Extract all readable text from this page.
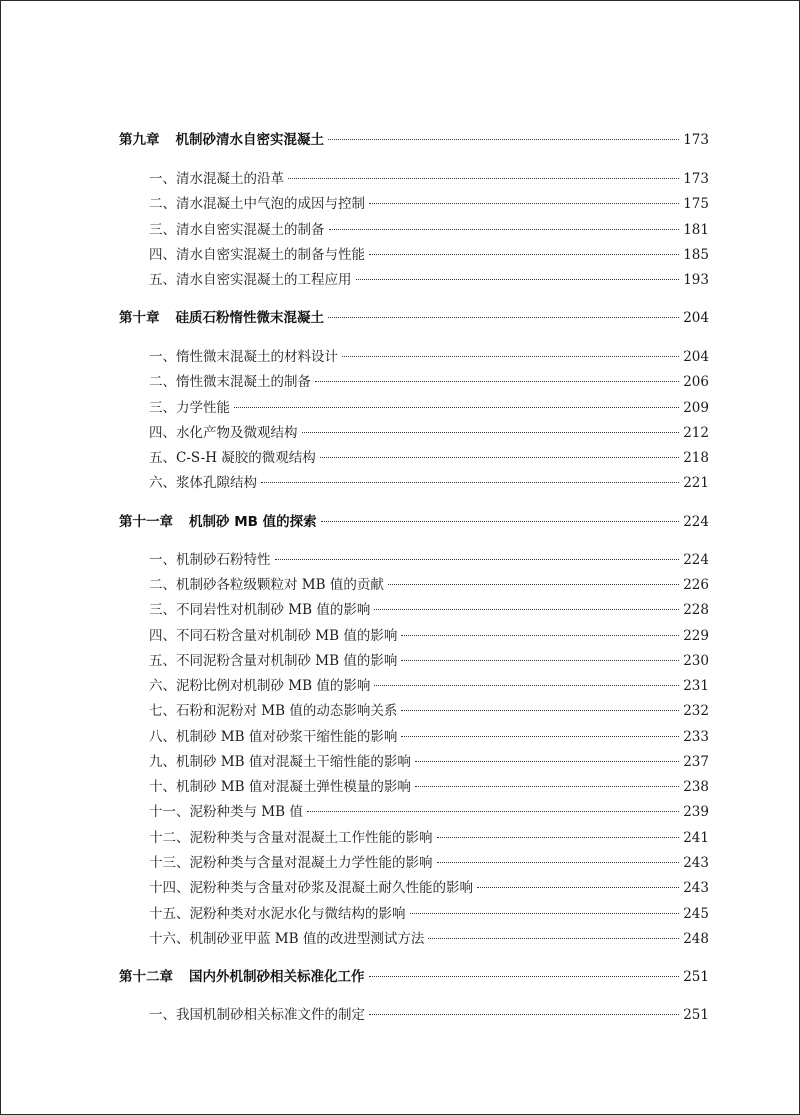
第九章 机制砂清水自密实混凝土	173
一、清水混凝土的沿革	173
二、清水混凝土中气泡的成因与控制	175
三、清水自密实混凝土的制备	181
四、清水自密实混凝土的制备与性能	185
五、清水自密实混凝土的工程应用	193
第十章 硅质石粉惰性微末混凝土	204
一、惰性微末混凝土的材料设计	204
二、惰性微末混凝土的制备	206
三、力学性能	209
四、水化产物及微观结构	212
五、C-S-H 凝胶的微观结构	218
六、浆体孔隙结构	221
第十一章 机制砂 MB 值的探索	224
一、机制砂石粉特性	224
二、机制砂各粒级颗粒对 MB 值的贡献	226
三、不同岩性对机制砂 MB 值的影响	228
四、不同石粉含量对机制砂 MB 值的影响	229
五、不同泥粉含量对机制砂 MB 值的影响	230
六、泥粉比例对机制砂 MB 值的影响	231
七、石粉和泥粉对 MB 值的动态影响关系	232
八、机制砂 MB 值对砂浆干缩性能的影响	233
九、机制砂 MB 值对混凝土干缩性能的影响	237
十、机制砂 MB 值对混凝土弹性模量的影响	238
十一、泥粉种类与 MB 值	239
十二、泥粉种类与含量对混凝土工作性能的影响	241
十三、泥粉种类与含量对混凝土力学性能的影响	243
十四、泥粉种类与含量对砂浆及混凝土耐久性能的影响	243
十五、泥粉种类对水泥水化与微结构的影响	245
十六、机制砂亚甲蓝 MB 值的改进型测试方法	248
第十二章 国内外机制砂相关标准化工作	251
一、我国机制砂相关标准文件的制定	251
